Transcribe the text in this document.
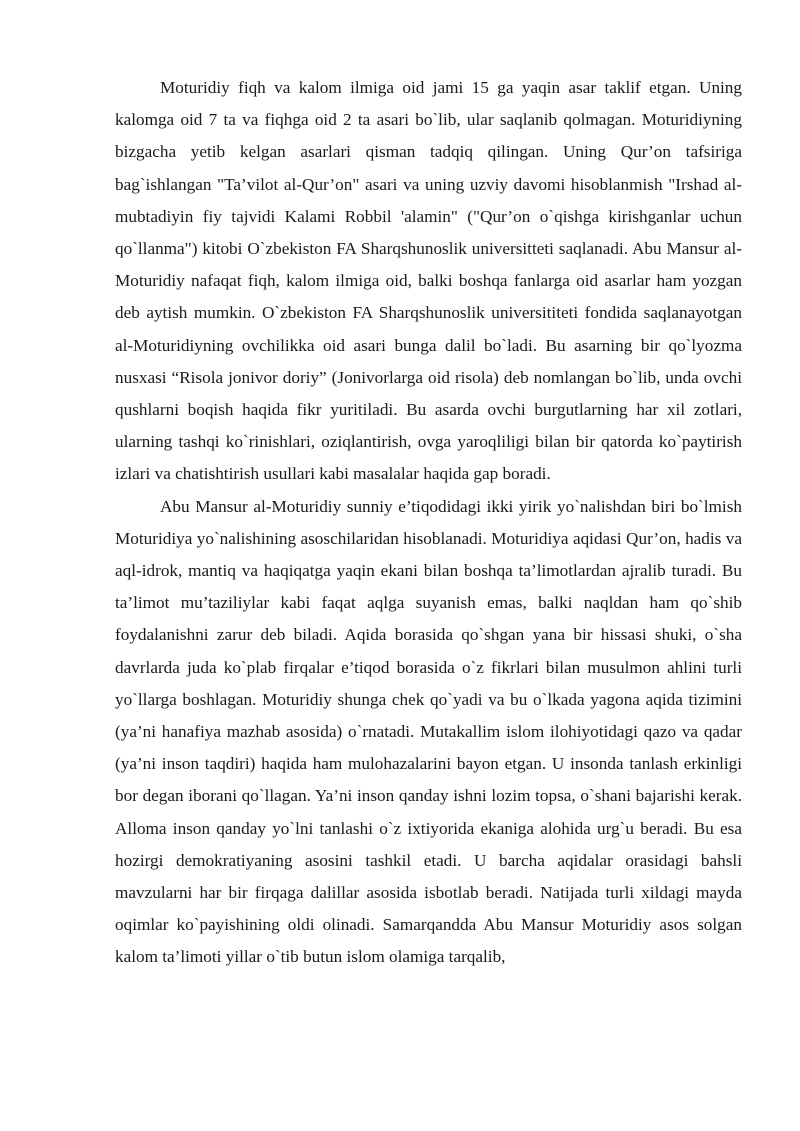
Moturidiy fiqh va kalom ilmiga oid jami 15 ga yaqin asar taklif etgan. Uning kalomga oid 7 ta va fiqhga oid 2 ta asari bo`lib, ular saqlanib qolmagan. Moturidiyning bizgacha yetib kelgan asarlari qisman tadqiq qilingan. Uning Qur’on tafsiriga bag`ishlangan "Ta’vilot al-Qur’on" asari va uning uzviy davomi hisoblanmish "Irshad al-mubtadiyin fiy tajvidi Kalami Robbil 'alamin" ("Qur’on o`qishga kirishganlar uchun qo`llanma") kitobi O`zbekiston FA Sharqshunoslik universitteti saqlanadi. Abu Mansur al- Moturidiy nafaqat fiqh, kalom ilmiga oid, balki boshqa fanlarga oid asarlar ham yozgan deb aytish mumkin. O`zbekiston FA Sharqshunoslik universititeti fondida saqlanayotgan al-Moturidiyning ovchilikka oid asari bunga dalil bo`ladi. Bu asarning bir qo`lyozma nusxasi “Risola jonivor doriy” (Jonivorlarga oid risola) deb nomlangan bo`lib, unda ovchi qushlarni boqish haqida fikr yuritiladi. Bu asarda ovchi burgutlarning har xil zotlari, ularning tashqi ko`rinishlari, oziqlantirish, ovga yaroqliligi bilan bir qatorda ko`paytirish izlari va chatishtirish usullari kabi masalalar haqida gap boradi.

Abu Mansur al-Moturidiy sunniy e’tiqodidagi ikki yirik yo`nalishdan biri bo`lmish Moturidiya yo`nalishining asoschilaridan hisoblanadi. Moturidiya aqidasi Qur’on, hadis va aql-idrok, mantiq va haqiqatga yaqin ekani bilan boshqa ta’limotlardan ajralib turadi. Bu ta’limot mu’taziliylar kabi faqat aqlga suyanish emas, balki naqldan ham qo`shib foydalanishni zarur deb biladi. Aqida borasida qo`shgan yana bir hissasi shuki, o`sha davrlarda juda ko`plab firqalar e’tiqod borasida o`z fikrlari bilan musulmon ahlini turli yo`llarga boshlagan. Moturidiy shunga chek qo`yadi va bu o`lkada yagona aqida tizimini (ya’ni hanafiya mazhab asosida) o`rnatadi. Mutakallim islom ilohiyotidagi qazo va qadar (ya’ni inson taqdiri) haqida ham mulohazalarini bayon etgan. U insonda tanlash erkinligi bor degan iborani qo`llagan. Ya’ni inson qanday ishni lozim topsa, o`shani bajarishi kerak. Alloma inson qanday yo`lni tanlashi o`z ixtiyorida ekaniga alohida urg`u beradi. Bu esa hozirgi demokratiyaning asosini tashkil etadi. U barcha aqidalar orasidagi bahsli mavzularni har bir firqaga dalillar asosida isbotlab beradi. Natijada turli xildagi mayda oqimlar ko`payishining oldi olinadi. Samarqandda Abu Mansur Moturidiy asos solgan kalom ta’limoti yillar o`tib butun islom olamiga tarqalib,
